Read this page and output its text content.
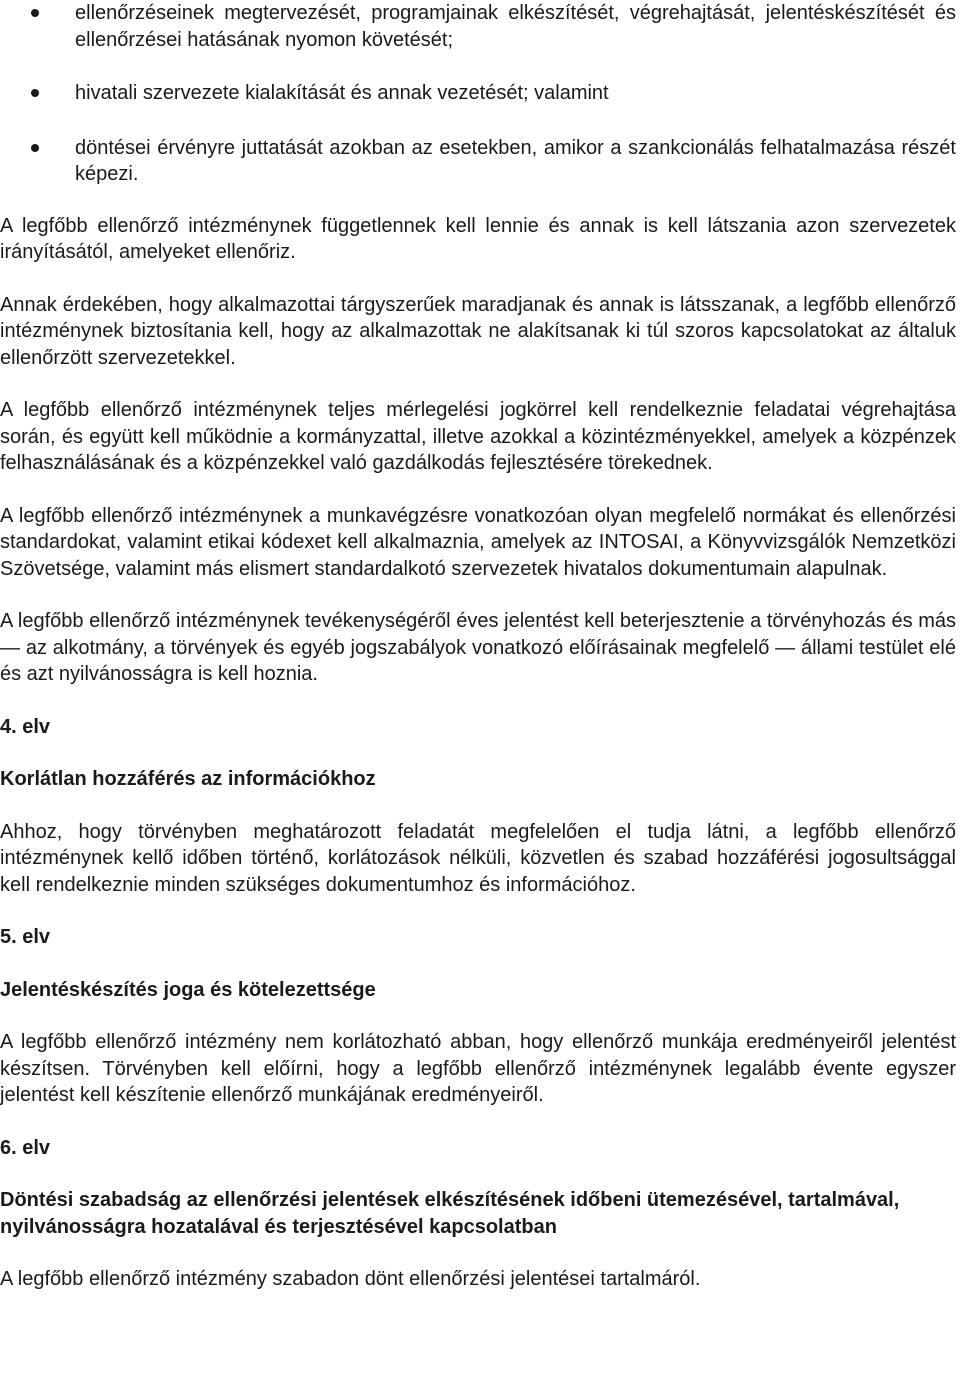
ellenőrzéseinek megtervezését, programjainak elkészítését, végrehajtását, jelentéskészítését és ellenőrzései hatásának nyomon követését;
hivatali szervezete kialakítását és annak vezetését; valamint
döntései érvényre juttatását azokban az esetekben, amikor a szankcionálás felhatalmazása részét képezi.

A legfőbb ellenőrző intézménynek függetlennek kell lennie és annak is kell látszania azon szervezetek irányításától, amelyeket ellenőriz.

Annak érdekében, hogy alkalmazottai tárgyszerűek maradjanak és annak is látsszanak, a legfőbb ellenőrző intézménynek biztosítania kell, hogy az alkalmazottak ne alakítsanak ki túl szoros kapcsolatokat az általuk ellenőrzött szervezetekkel.

A legfőbb ellenőrző intézménynek teljes mérlegelési jogkörrel kell rendelkeznie feladatai végrehajtása során, és együtt kell működnie a kormányzattal, illetve azokkal a közintézményekkel, amelyek a közpénzek felhasználásának és a közpénzekkel való gazdálkodás fejlesztésére törekednek.

A legfőbb ellenőrző intézménynek a munkavégzésre vonatkozóan olyan megfelelő normákat és ellenőrzési standardokat, valamint etikai kódexet kell alkalmaznia, amelyek az INTOSAI, a Könyvvizsgálók Nemzetközi Szövetsége, valamint más elismert standardalkotó szervezetek hivatalos dokumentumain alapulnak.

A legfőbb ellenőrző intézménynek tevékenységéről éves jelentést kell beterjesztenie a törvényhozás és más — az alkotmány, a törvények és egyéb jogszabályok vonatkozó előírásainak megfelelő — állami testület elé és azt nyilvánosságra is kell hoznia.

4. elv

Korlátlan hozzáférés az információkhoz

Ahhoz, hogy törvényben meghatározott feladatát megfelelően el tudja látni, a legfőbb ellenőrző intézménynek kellő időben történő, korlátozások nélküli, közvetlen és szabad hozzáférési jogosultsággal kell rendelkeznie minden szükséges dokumentumhoz és információhoz.

5. elv

Jelentéskészítés joga és kötelezettsége

A legfőbb ellenőrző intézmény nem korlátozható abban, hogy ellenőrző munkája eredményeiről jelentést készítsen. Törvényben kell előírni, hogy a legfőbb ellenőrző intézménynek legalább évente egyszer jelentést kell készítenie ellenőrző munkájának eredményeiről.

6. elv

Döntési szabadság az ellenőrzési jelentések elkészítésének időbeni ütemezésével, tartalmával, nyilvánosságra hozatalával és terjesztésével kapcsolatban

A legfőbb ellenőrző intézmény szabadon dönt ellenőrzési jelentései tartalmáról.
